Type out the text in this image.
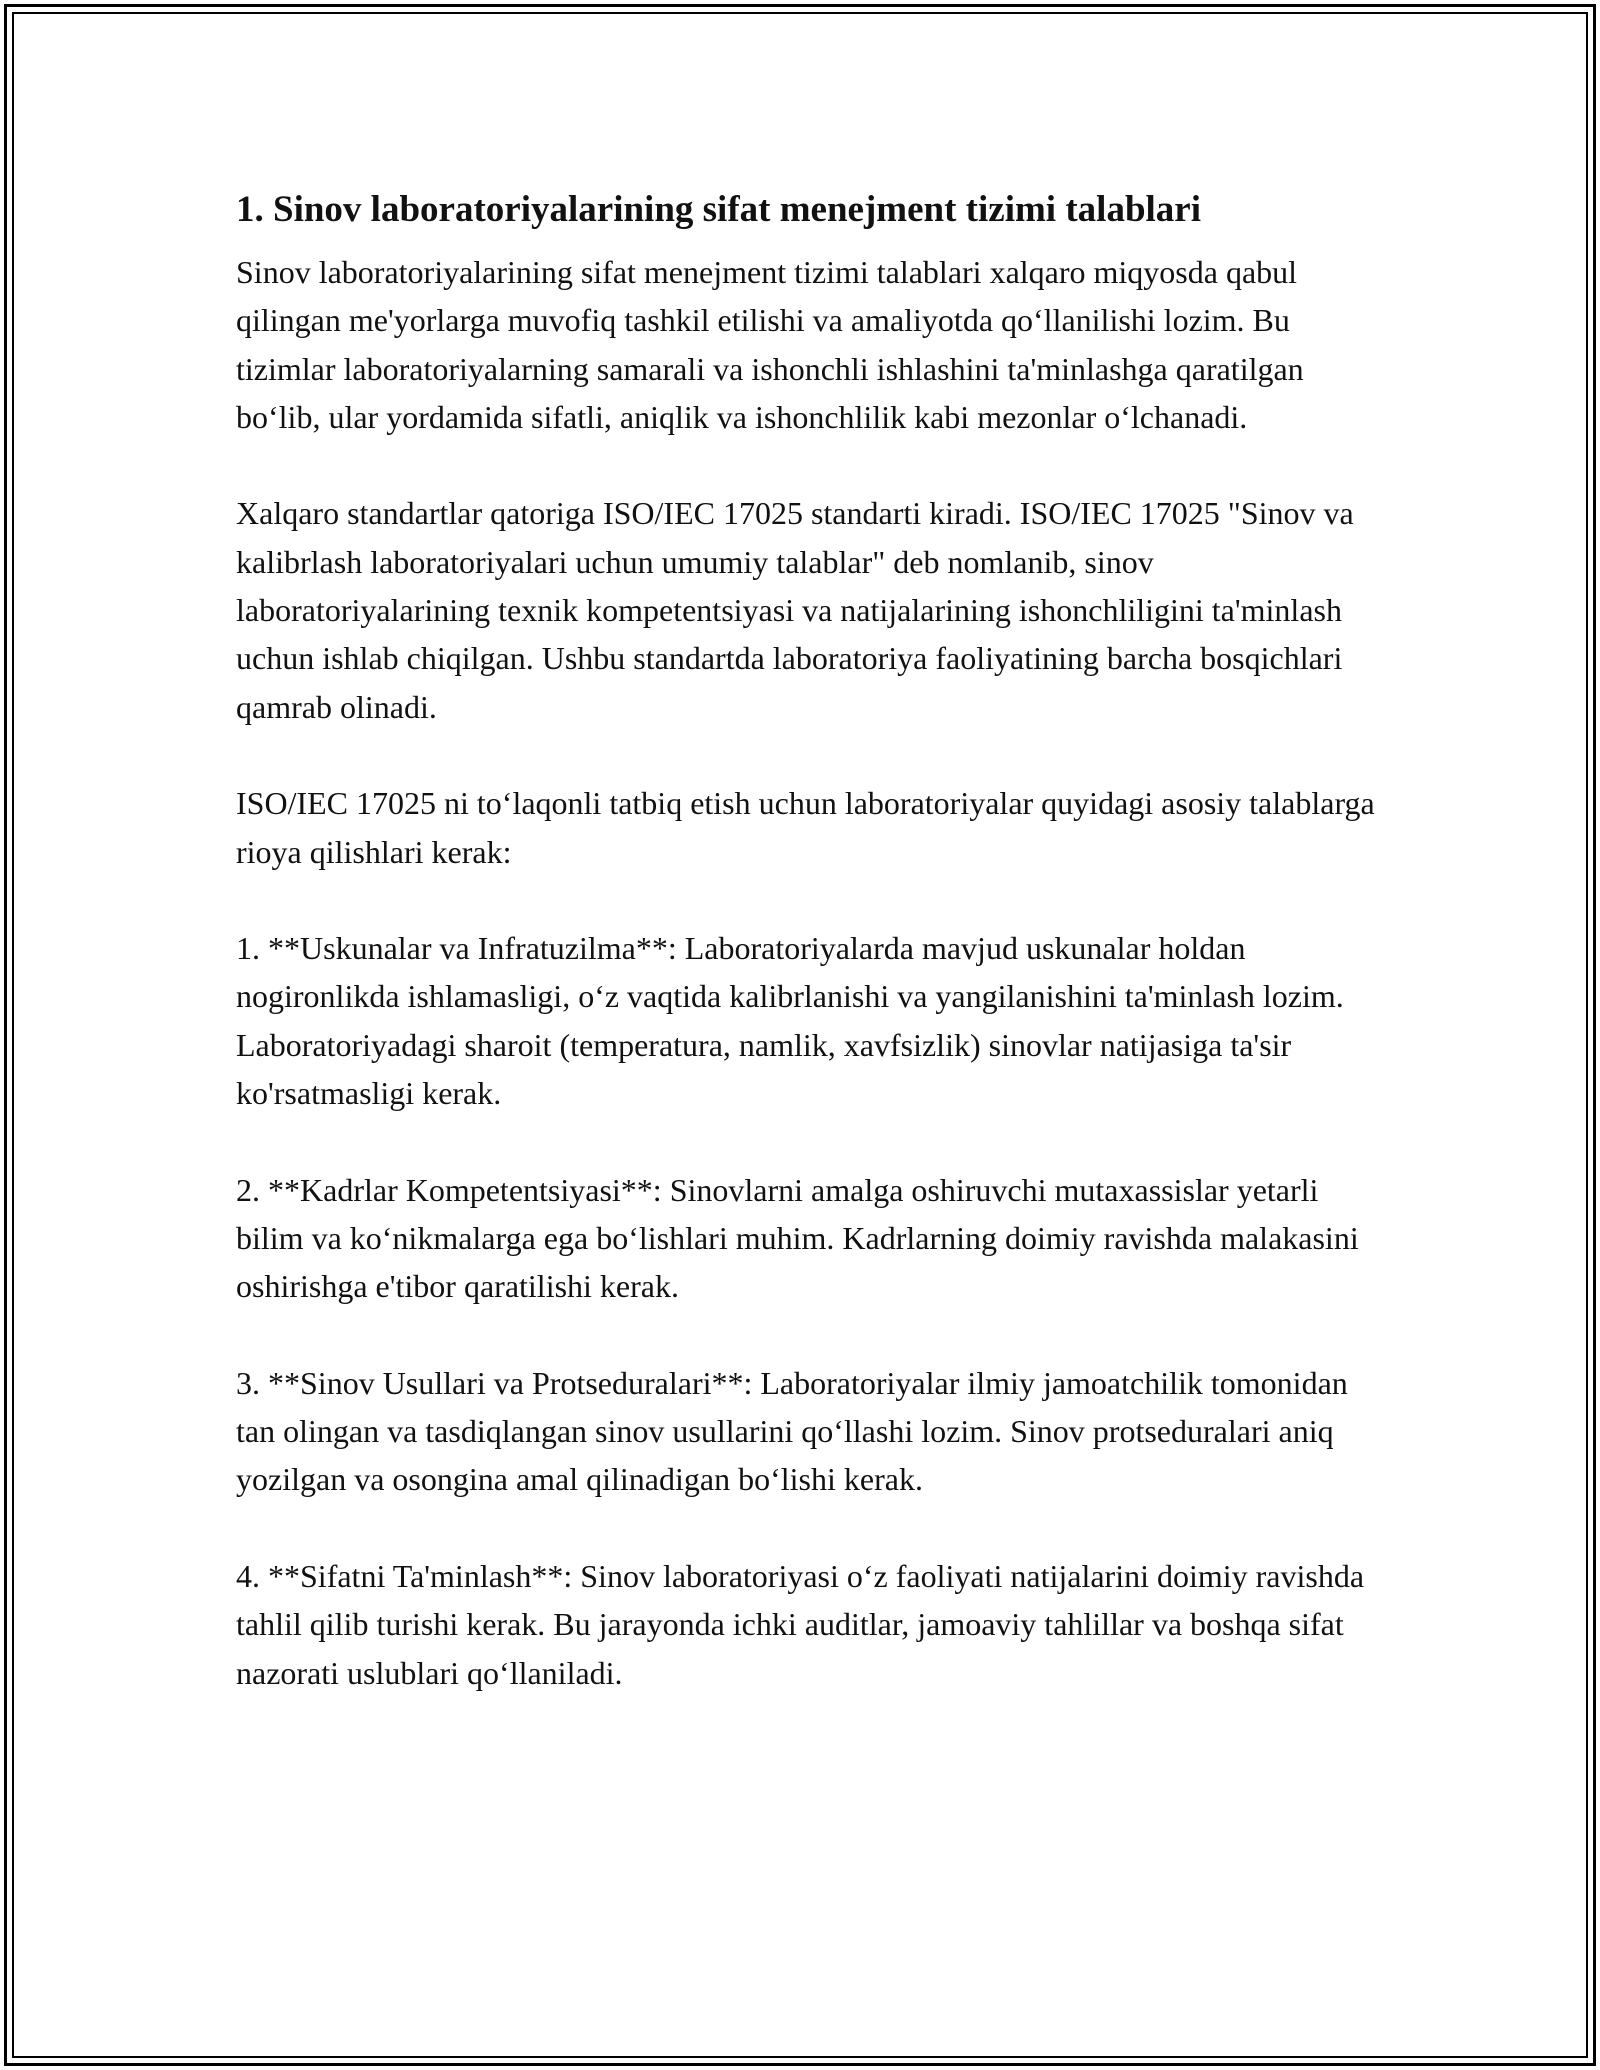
1. Sinov laboratoriyalarining sifat menejment tizimi talablari

Sinov laboratoriyalarining sifat menejment tizimi talablari xalqaro miqyosda qabul qilingan me'yorlarga muvofiq tashkil etilishi va amaliyotda qo‘llanilishi lozim. Bu tizimlar laboratoriyalarning samarali va ishonchli ishlashini ta'minlashga qaratilgan bo‘lib, ular yordamida sifatli, aniqlik va ishonchlilik kabi mezonlar o‘lchanadi.

Xalqaro standartlar qatoriga ISO/IEC 17025 standarti kiradi. ISO/IEC 17025 "Sinov va kalibrlash laboratoriyalari uchun umumiy talablar" deb nomlanib, sinov laboratoriyalarining texnik kompetentsiyasi va natijalarining ishonchliligini ta'minlash uchun ishlab chiqilgan. Ushbu standartda laboratoriya faoliyatining barcha bosqichlari qamrab olinadi.

ISO/IEC 17025 ni to‘laqonli tatbiq etish uchun laboratoriyalar quyidagi asosiy talablarga rioya qilishlari kerak:

1. **Uskunalar va Infratuzilma**: Laboratoriyalarda mavjud uskunalar holdan nogironlikda ishlamasligi, o‘z vaqtida kalibrlanishi va yangilanishini ta'minlash lozim. Laboratoriyadagi sharoit (temperatura, namlik, xavfsizlik) sinovlar natijasiga ta'sir ko'rsatmasligi kerak.

2. **Kadrlar Kompetentsiyasi**: Sinovlarni amalga oshiruvchi mutaxassislar yetarli bilim va ko‘nikmalarga ega bo‘lishlari muhim. Kadrlarning doimiy ravishda malakasini oshirishga e'tibor qaratilishi kerak.

3. **Sinov Usullari va Protseduralari**: Laboratoriyalar ilmiy jamoatchilik tomonidan tan olingan va tasdiqlangan sinov usullarini qo‘llashi lozim. Sinov protseduralari aniq yozilgan va osongina amal qilinadigan bo‘lishi kerak.

4. **Sifatni Ta'minlash**: Sinov laboratoriyasi o‘z faoliyati natijalarini doimiy ravishda tahlil qilib turishi kerak. Bu jarayonda ichki auditlar, jamoaviy tahlillar va boshqa sifat nazorati uslublari qo‘llaniladi.
